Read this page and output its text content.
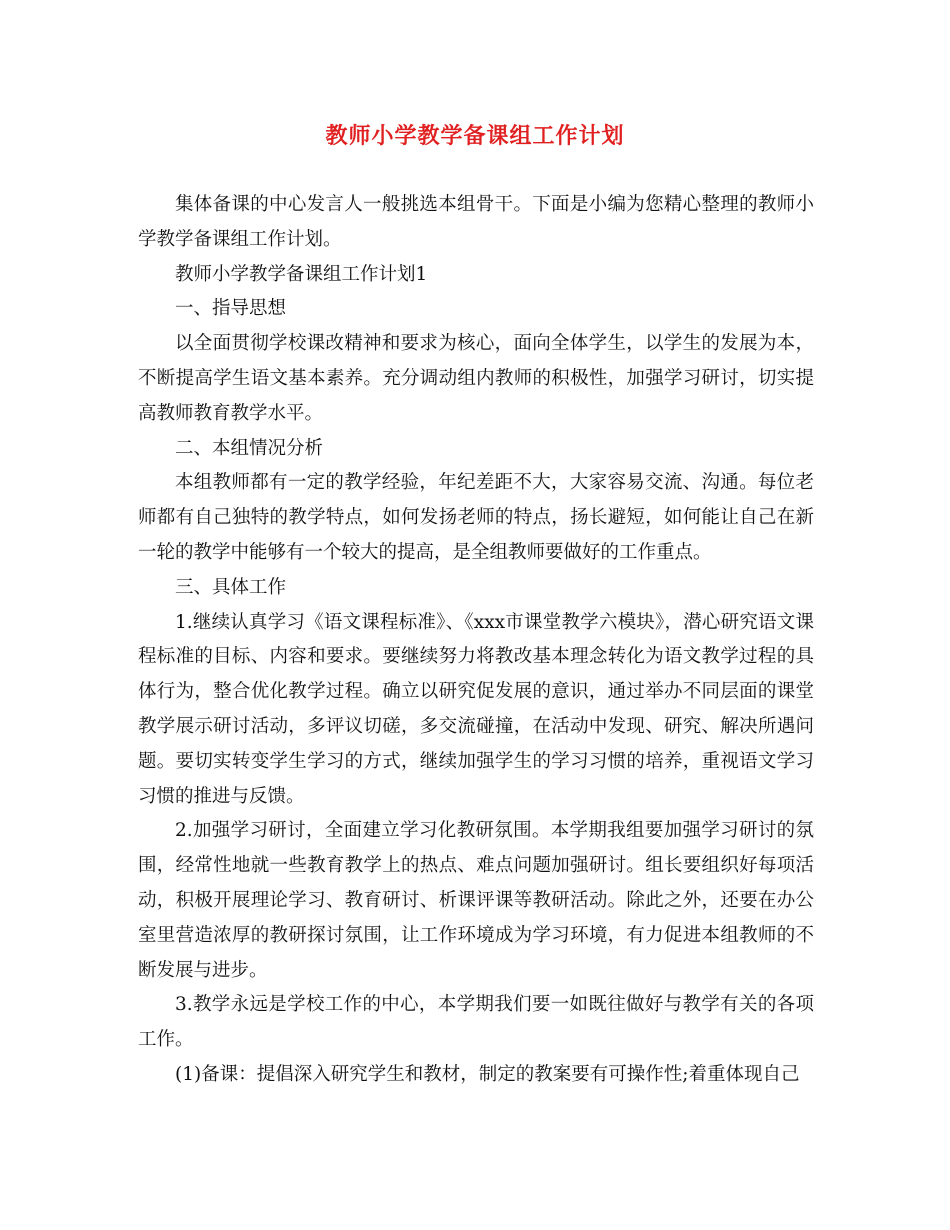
教师小学教学备课组工作计划

集体备课的中心发言人一般挑选本组骨干。下面是小编为您精心整理的教师小学教学备课组工作计划。

教师小学教学备课组工作计划1

一、指导思想

以全面贯彻学校课改精神和要求为核心，面向全体学生，以学生的发展为本，不断提高学生语文基本素养。充分调动组内教师的积极性，加强学习研讨，切实提高教师教育教学水平。

二、本组情况分析

本组教师都有一定的教学经验，年纪差距不大，大家容易交流、沟通。每位老师都有自己独特的教学特点，如何发扬老师的特点，扬长避短，如何能让自己在新一轮的教学中能够有一个较大的提高，是全组教师要做好的工作重点。

三、具体工作

1.继续认真学习《语文课程标准》、《xxx市课堂教学六模块》，潜心研究语文课程标准的目标、内容和要求。要继续努力将教改基本理念转化为语文教学过程的具体行为，整合优化教学过程。确立以研究促发展的意识，通过举办不同层面的课堂教学展示研讨活动，多评议切磋，多交流碰撞，在活动中发现、研究、解决所遇问题。要切实转变学生学习的方式，继续加强学生的学习习惯的培养，重视语文学习习惯的推进与反馈。

2.加强学习研讨，全面建立学习化教研氛围。本学期我组要加强学习研讨的氛围，经常性地就一些教育教学上的热点、难点问题加强研讨。组长要组织好每项活动，积极开展理论学习、教育研讨、析课评课等教研活动。除此之外，还要在办公室里营造浓厚的教研探讨氛围，让工作环境成为学习环境，有力促进本组教师的不断发展与进步。

3.教学永远是学校工作的中心，本学期我们要一如既往做好与教学有关的各项工作。

(1)备课：提倡深入研究学生和教材，制定的教案要有可操作性;着重体现自己
